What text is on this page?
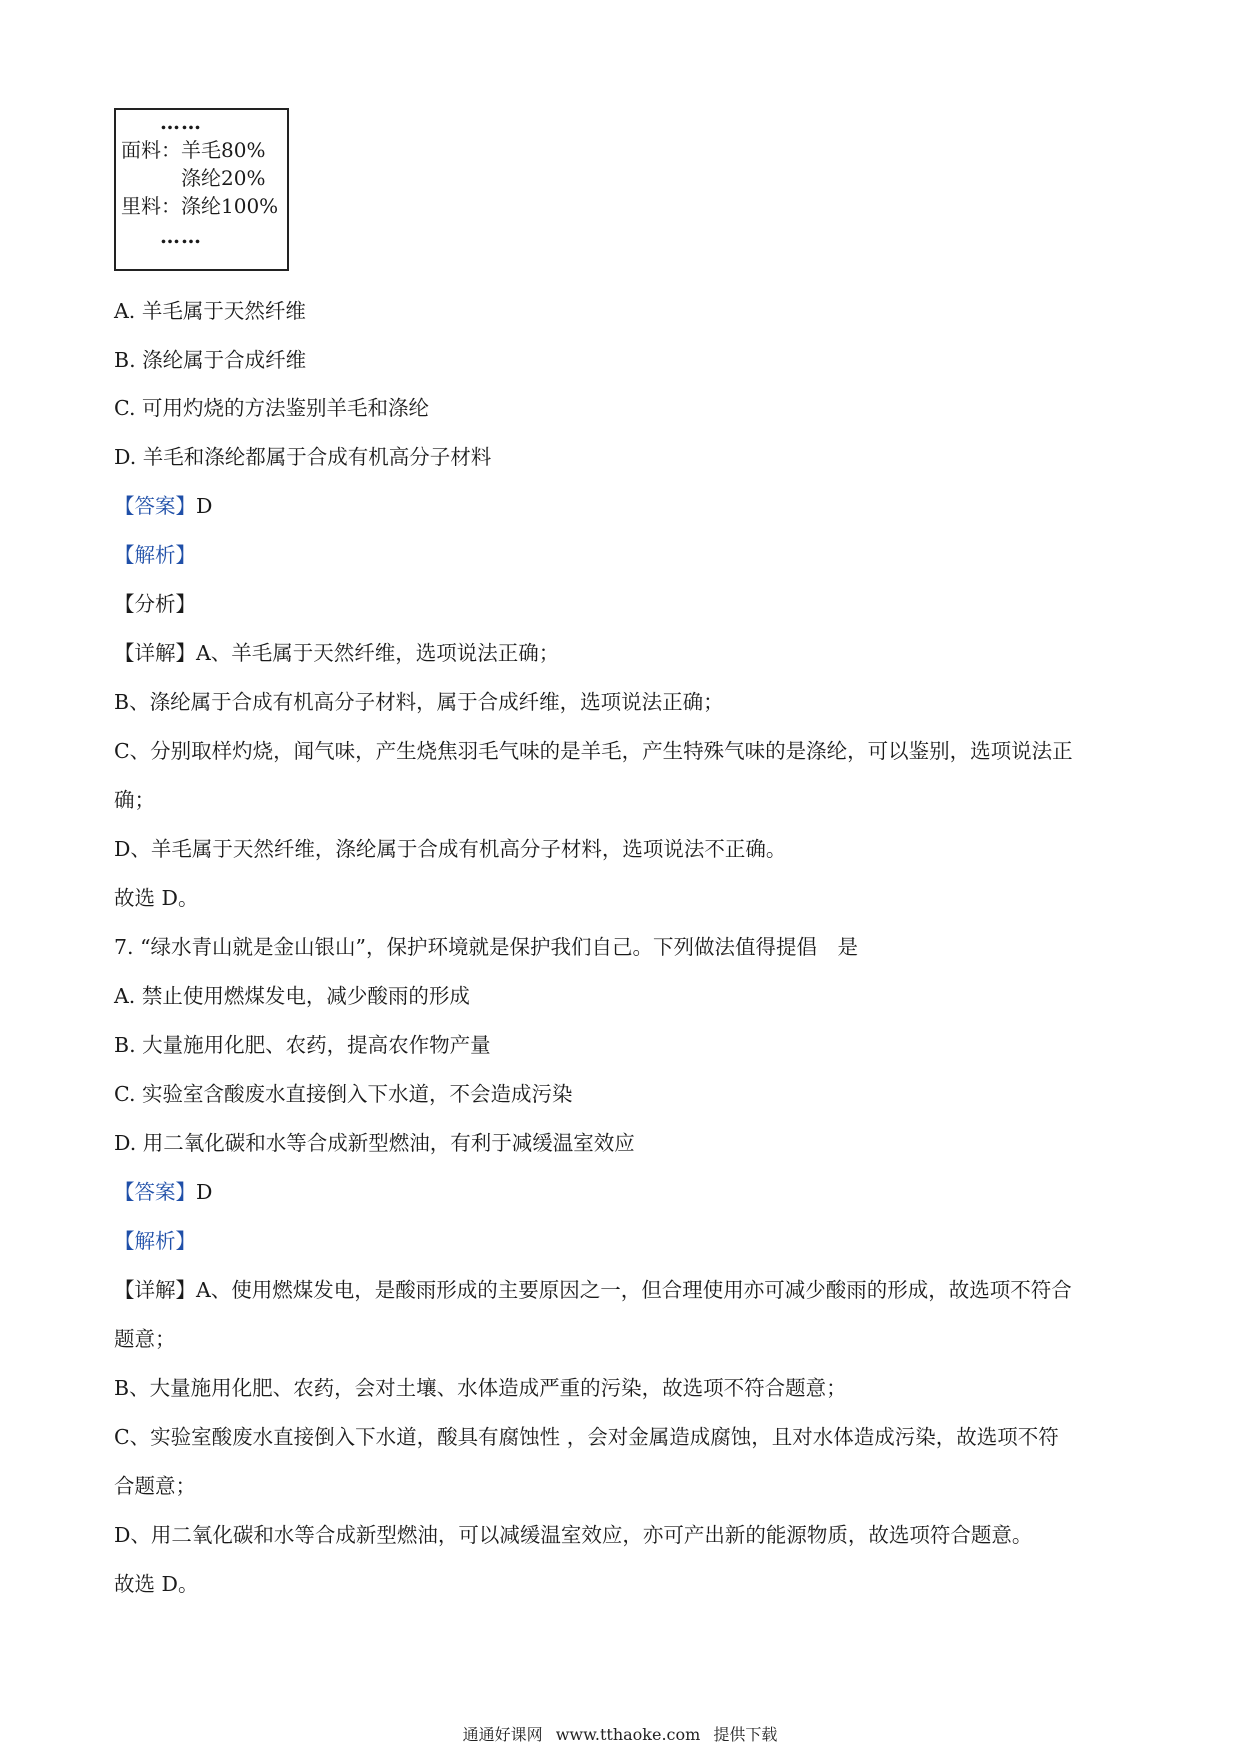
……
面料： 羊毛80%
涤纶20%
里料： 涤纶100%
……
A. 羊毛属于天然纤维
B. 涤纶属于合成纤维
C. 可用灼烧的方法鉴别羊毛和涤纶
D. 羊毛和涤纶都属于合成有机高分子材料
【答案】D
【解析】
【分析】
【详解】A、羊毛属于天然纤维，选项说法正确；
B、涤纶属于合成有机高分子材料，属于合成纤维，选项说法正确；
C、分别取样灼烧，闻气味，产生烧焦羽毛气味的是羊毛，产生特殊气味的是涤纶，可以鉴别，选项说法正
确；
D、羊毛属于天然纤维，涤纶属于合成有机高分子材料，选项说法不正确。
故选 D。
7. “绿水青山就是金山银山”，保护环境就是保护我们自己。下列做法值得提倡　是
A. 禁止使用燃煤发电，减少酸雨的形成
B. 大量施用化肥、农药，提高农作物产量
C. 实验室含酸废水直接倒入下水道，不会造成污染
D. 用二氧化碳和水等合成新型燃油，有利于减缓温室效应
【答案】D
【解析】
【详解】A、使用燃煤发电，是酸雨形成的主要原因之一，但合理使用亦可减少酸雨的形成，故选项不符合
题意；
B、大量施用化肥、农药，会对土壤、水体造成严重的污染，故选项不符合题意；
C、实验室酸废水直接倒入下水道，酸具有腐蚀性 ，会对金属造成腐蚀，且对水体造成污染，故选项不符
合题意；
D、用二氧化碳和水等合成新型燃油，可以减缓温室效应，亦可产出新的能源物质，故选项符合题意。
故选 D。
通通好课网 www.tthaoke.com 提供下载
